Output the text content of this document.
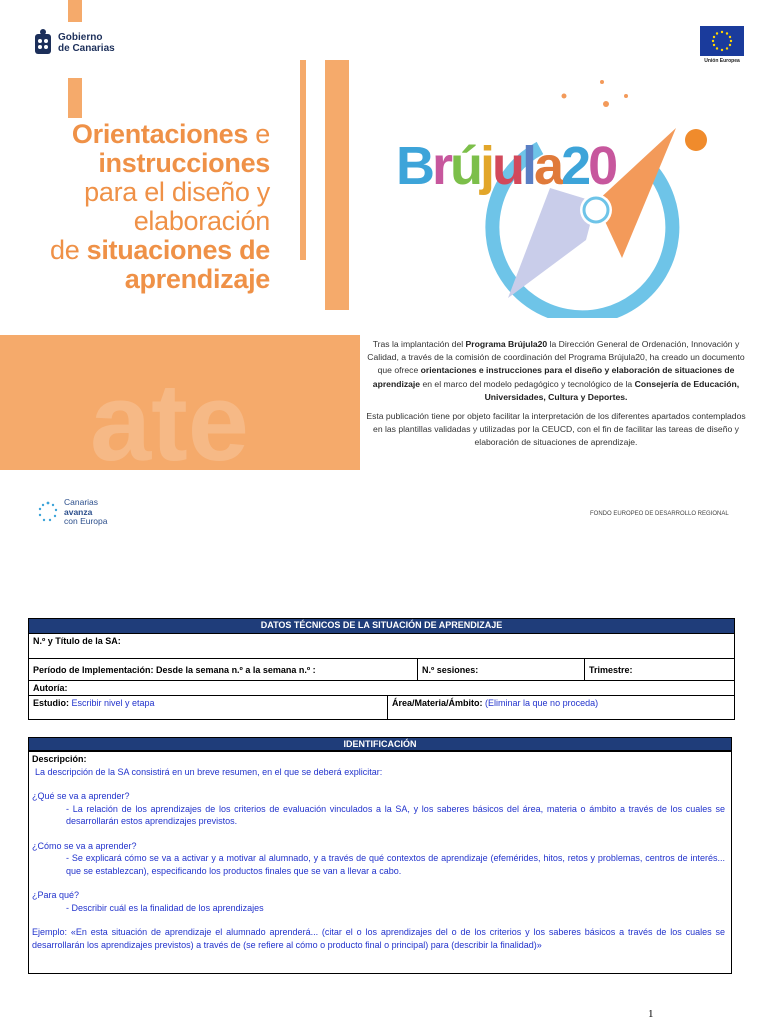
Gobierno
de Canarias
Unión Europea
Orientaciones e
instrucciones
para el diseño y
elaboración
de situaciones de
aprendizaje
Brújula20
ate

Tras la implantación del Programa Brújula20 la Dirección General de Ordenación, Innovación y Calidad, a través de la comisión de coordinación del Programa Brújula20, ha creado un documento que ofrece orientaciones e instrucciones para el diseño y elaboración de situaciones de aprendizaje en el marco del modelo pedagógico y tecnológico de la Consejería de Educación, Universidades, Cultura y Deportes.

Esta publicación tiene por objeto facilitar la interpretación de los diferentes apartados contemplados en las plantillas validadas y utilizadas por la CEUCD, con el fin de facilitar las tareas de diseño y elaboración de situaciones de aprendizaje.

Canarias
avanza
con Europa
FONDO EUROPEO DE DESARROLLO REGIONAL
DATOS TÉCNICOS DE LA SITUACIÓN DE APRENDIZAJE
N.º y Título de la SA:
Período de Implementación: Desde la semana n.º a la semana n.º :	N.º sesiones:	Trimestre:
Autoría:
Estudio: Escribir nivel y etapa	Área/Materia/Ámbito: (Eliminar la que no proceda)
IDENTIFICACIÓN
Descripción:
La descripción de la SA consistirá en un breve resumen, en el que se deberá explicitar:
¿Qué se va a aprender?
- La relación de los aprendizajes de los criterios de evaluación vinculados a la SA, y los saberes básicos del área, materia o ámbito a través de los cuales se desarrollarán estos aprendizajes previstos.
¿Cómo se va a aprender?
- Se explicará cómo se va a activar y a motivar al alumnado, y a través de qué contextos de aprendizaje (efemérides, hitos, retos y problemas, centros de interés... que se establezcan), especificando los productos finales que se van a llevar a cabo.
¿Para qué?
- Describir cuál es la finalidad de los aprendizajes
Ejemplo: «En esta situación de aprendizaje el alumnado aprenderá... (citar el o los aprendizajes del o de los criterios y los saberes básicos a través de los cuales se desarrollarán los aprendizajes previstos) a través de (se refiere al cómo o producto final o principal) para (describir la finalidad)»
1
